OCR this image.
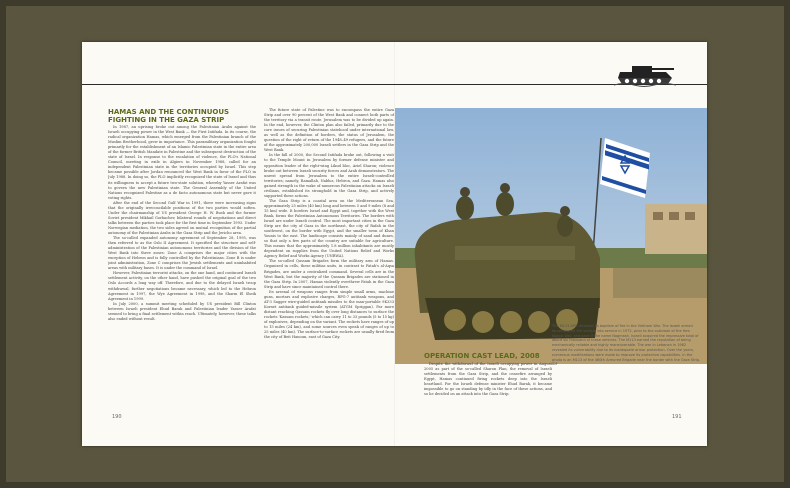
HAMAS AND THE CONTINUOUS FIGHTING IN THE GAZA STRIP

In 1987, an uprising broke out among the Palestinian Arabs against the Israeli occupying power in the West Bank — the First Intifada. In its course, the radical organization Hamas, which emerged from the Palestinian branch of the Muslim Brotherhood, grew in importance. This paramilitary organization fought primarily for the establishment of an Islamic Palestinian state in the entire area of the former British Mandate in Palestine and the subsequent destruction of the state of Israel. In response to the escalation of violence, the PLO's National Council, meeting in exile in Algiers in November 1988, called for an independent Palestinian state in the territories occupied by Israel. This step became possible after Jordan renounced the West Bank in favor of the PLO in July 1988. In doing so, the PLO implicitly recognized the state of Israel and thus its willingness to accept a future two-state solution, whereby Yasser Arafat was to govern the new Palestinian state. The General Assembly of the United Nations recognized Palestine as a de facto autonomous state but never gave it voting rights.

After the end of the Second Gulf War in 1991, there were increasing signs that the originally irreconcilable positions of the two parties would soften. Under the chairmanship of US president George H. W. Bush and the former Soviet president Mikhail Gorbachev, bilateral rounds of negotiations and direct talks between the parties took place for the first time in September 1993. Under Norwegian mediation, the two sides agreed on mutual recognition of the partial autonomy of the Palestinian Arabs in the Gaza Strip and the Jericho area.

The so-called expanded autonomy agreement of September 28, 1995, was then referred to as the Oslo II Agreement. It specified the structure and self-administration of the Palestinian autonomous territories and the division of the West Bank into three zones: Zone A comprises the major cities with the exception of Hebron and is fully controlled by the Palestinians. Zone B is under joint administration, Zone C comprises the Jewish settlements and uninhabited areas with military bases. It is under the command of Israel.

However, Palestinian terrorist attacks, on the one hand, and continued Israeli settlement activity, on the other hand, have pushed the original goal of the two Oslo Accords a long way off. Therefore, and due to the delayed Israeli troop withdrawal, further negotiations became necessary, which led to the Hebron Agreement in 1997, the Wye Agreement in 1998, and the Sharm El Sheik Agreement in 1999.

In July 2000, a summit meeting scheduled by US president Bill Clinton between Israeli president Ehud Barak and Palestinian leader Yasser Arafat seemed to bring a final settlement within reach. Ultimately, however, these talks also ended without result.

The future state of Palestine was to encompass the entire Gaza Strip and over 90 percent of the West Bank and connect both parts of the territory via a transit route. Jerusalem was to be divided up again. In the end, however, the Clinton plan also failed, primarily due to the core issues of securing Palestinian statehood under international law, as well as the definition of borders, the status of Jerusalem, the question of the right of return of the 1948–49 refugees, and the future of the approximately 200,000 Israeli settlers in the Gaza Strip and the West Bank.

In the fall of 2000, the Second Intifada broke out, following a visit to the Temple Mount in Jerusalem by former defense minister and opposition leader of the right-wing Likud bloc, Ariel Sharon; violence broke out between Israeli security forces and Arab demonstrators. The unrest spread from Jerusalem to the entire Israeli-controlled territories; namely, Ramallah, Nablus, Hebron, and Gaza. Hamas also gained strength in the wake of numerous Palestinian attacks on Israeli civilians, established its stronghold in the Gaza Strip, and actively supported these actions.

The Gaza Strip is a coastal area on the Mediterranean Sea, approximately 25 miles (40 km) long and between 5 and 9 miles (8 and 15 km) wide. It borders Israel and Egypt and, together with the West Bank, forms the Palestinian Autonomous Territories. The borders with Israel are under Israeli control. The most important cities in the Gaza Strip are the city of Gaza in the northeast, the city of Rafah in the southwest, on the border with Egypt, and the smaller town of Khan Younis to the east. The landscape consists mainly of sand and dunes, so that only a few parts of the country are suitable for agriculture. This means that the approximately 1.8 million inhabitants are mostly dependent on supplies from the United Nations Relief and Works Agency Relief and Works Agency (UNRWA).

The so-called Qassam Brigades form the military arm of Hamas. Organized in cells, these militias units, in contrast to Fatah's al-Aqsa Brigades, are under a centralized command. Several cells are in the West Bank, but the majority of the Qassam Brigades are stationed in the Gaza Strip. In 2007, Hamas violently overthrew Fatah in the Gaza Strip and have since maintained control there.

Its arsenal of weapons ranges from simple small arms, machine guns, mortars and explosive charges, RPG-7 antitank weapons, and AT-3 Sagger wire-guided antitank missiles to the man-portable 9K333 Kornet antitank guided-missile system (ATGM Spriggan). Far more distant reaching Qassam rockets fly over long distances to surface the rockets 'Kassam rockets,' which can carry 11 to 33 pounds (5 to 15 kg) of explosives, depending on the variant. The rockets have ranges of up to 15 miles (24 km), and some sources even speak of ranges of up to 25 miles (40 km). The surface-to-surface rockets are usually fired from the city of Beit Hanoun, east of Gaza City.

OPERATION CAST LEAD, 2008

Despite the withdrawal of the Israeli occupying power in August 2005 as part of the so-called Sharon Plan, the removal of Israeli settlements from the Gaza Strip, and the ceasefire arranged by Egypt, Hamas continued firing rockets deep into the Israeli heartland. For the Israeli defense minister Ehud Barak, it became impossible to go on standing by idly in the face of these actions, and so he decided on an attack into the Gaza Strip.

The M113 APC received its baptism of fire in the Vietnam War. The Israeli armed forces placed the vehicle into service in 1972, prior to the outbreak of the Yom Kippur War, and gave it the name Nagmash. Israeli acquired the impressive total of about six thousand of these vehicles. The M113 earned the reputation of being mechanically reliable and highly maneuverable. The war in Lebanon in 1982 revealed its vulnerability due to its inadequate armor protection. Over the years, numerous modifications were made to improve its protective capabilities. In the photo is an M113 of the 460th Armored Brigade near the border with the Gaza Strip. IDF
190	191
